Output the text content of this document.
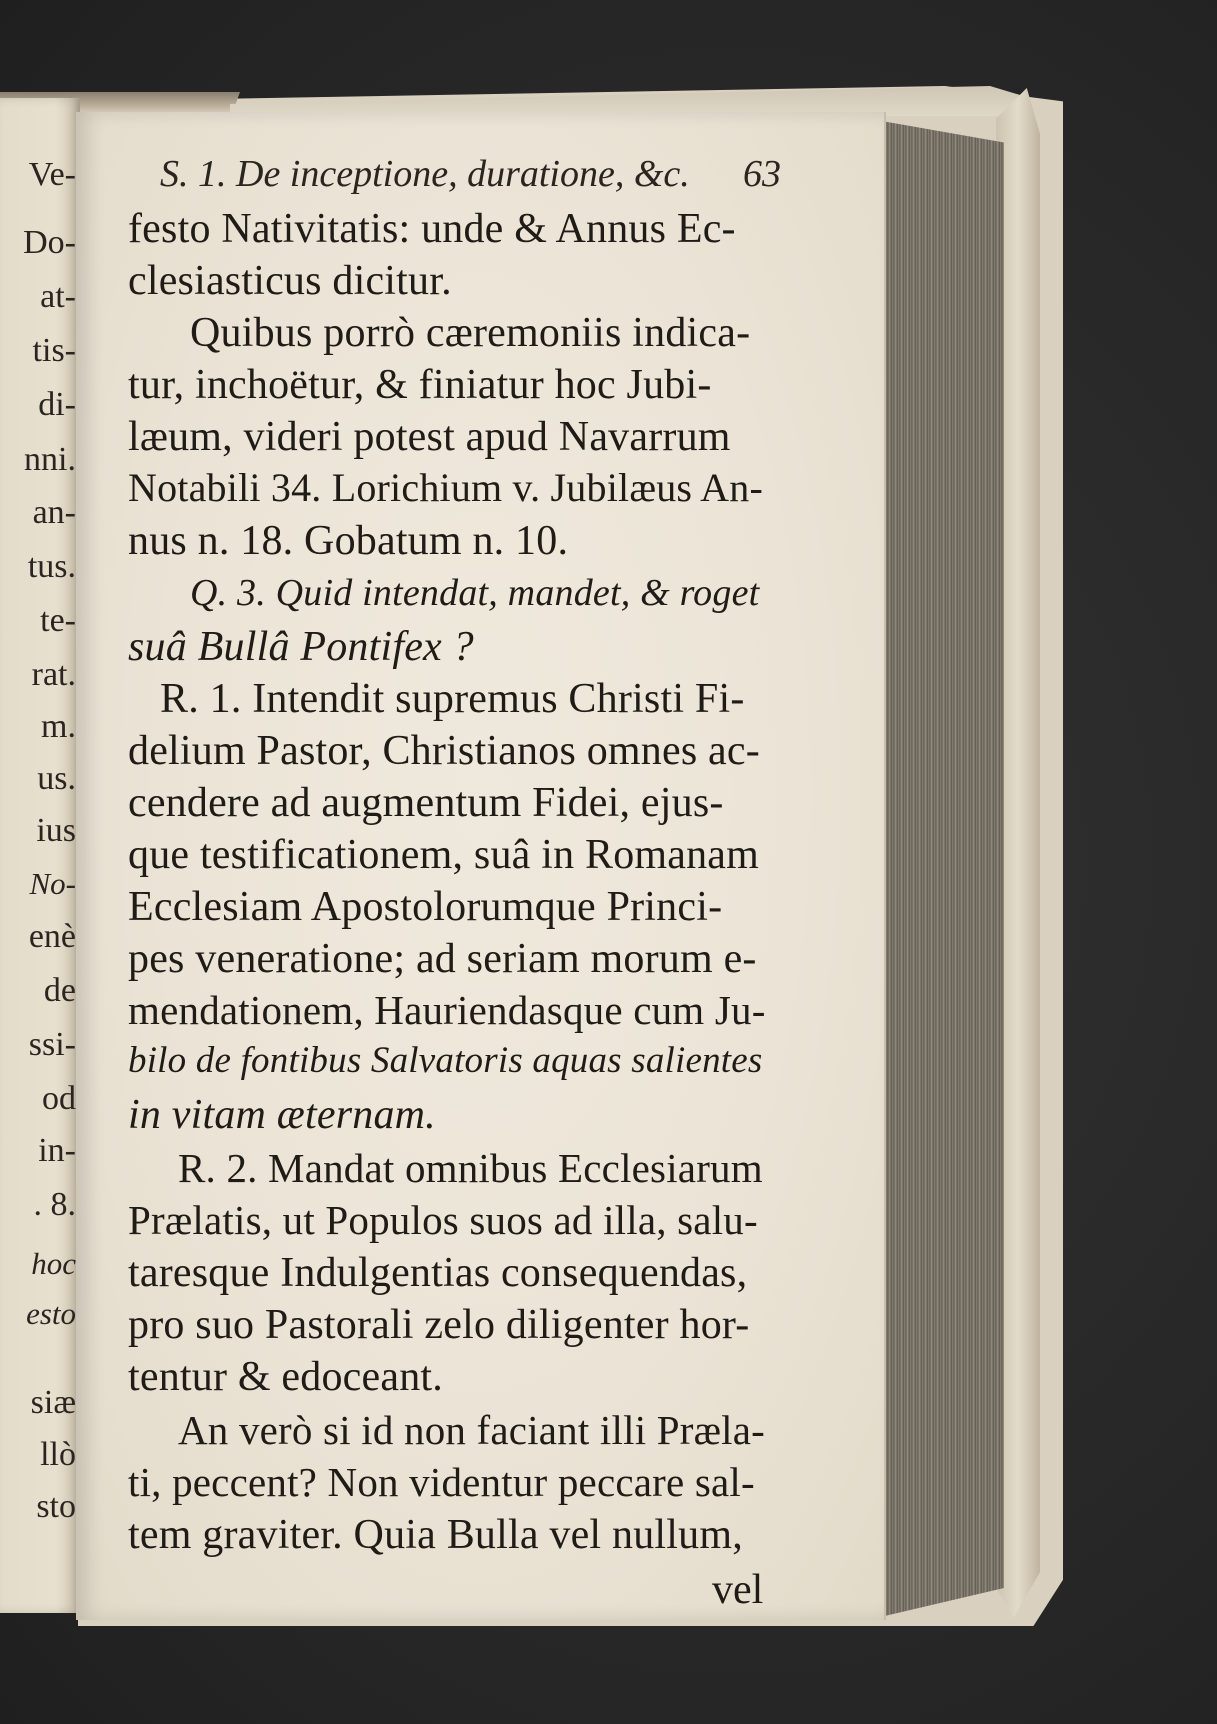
Ve-
Do-
at-
tis-
di-
nni.
an-
tus.
te-
rat.
m.
us.
ius
No-
enè
de
ssi-
od
in-
. 8.
hoc
esto
siæ
llò
sto
S. 1. De inceptione, duratione, &c.	63
festo Nativitatis: unde & Annus Ec-
clesiasticus dicitur.
Quibus porrò cæremoniis indica-
tur, inchoëtur, & finiatur hoc Jubi-
læum, videri potest apud Navarrum
Notabili 34. Lorichium v. Jubilæus An-
nus n. 18. Gobatum n. 10.
Q. 3. Quid intendat, mandet, & roget
suâ Bullâ Pontifex ?
R. 1. Intendit supremus Christi Fi-
delium Pastor, Christianos omnes ac-
cendere ad augmentum Fidei, ejus-
que testificationem, suâ in Romanam
Ecclesiam Apostolorumque Princi-
pes veneratione; ad seriam morum e-
mendationem, Hauriendasque cum Ju-
bilo de fontibus Salvatoris aquas salientes
in vitam æternam.
R. 2. Mandat omnibus Ecclesiarum
Prælatis, ut Populos suos ad illa, salu-
taresque Indulgentias consequendas,
pro suo Pastorali zelo diligenter hor-
tentur & edoceant.
An verò si id non faciant illi Præla-
ti, peccent? Non videntur peccare sal-
tem graviter. Quia Bulla vel nullum,
vel
